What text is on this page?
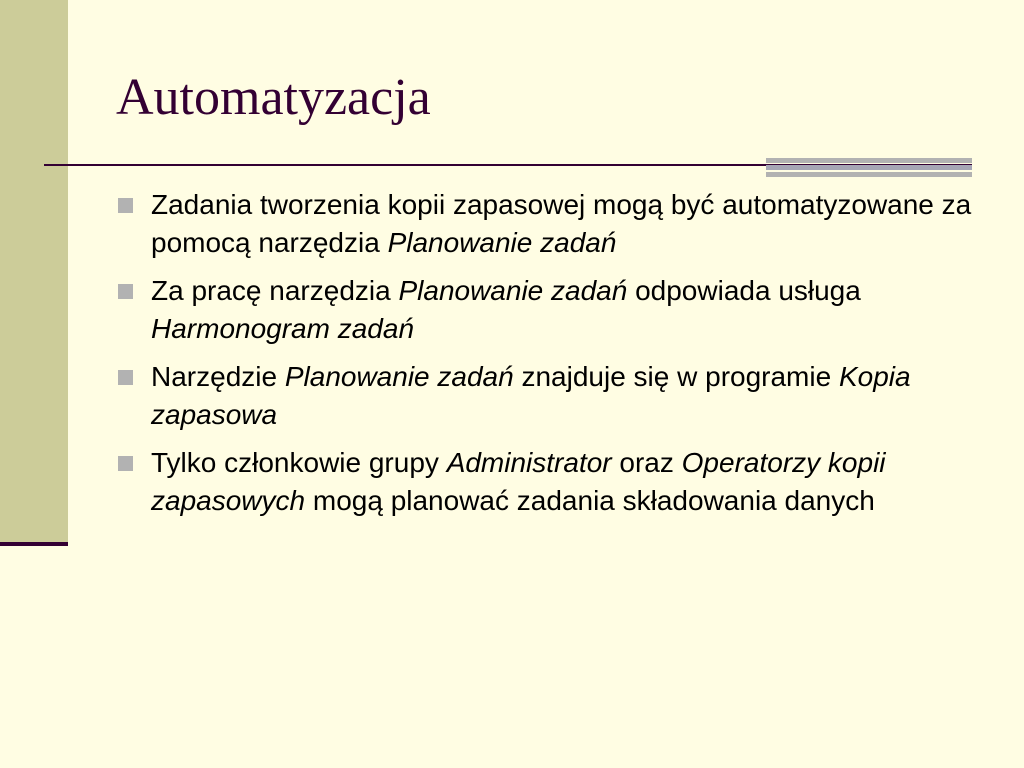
Automatyzacja
Zadania tworzenia kopii zapasowej mogą być automatyzowane za pomocą narzędzia Planowanie zadań
Za pracę narzędzia Planowanie zadań odpowiada usługa Harmonogram zadań
Narzędzie Planowanie zadań znajduje się w programie Kopia zapasowa
Tylko członkowie grupy Administrator oraz Operatorzy kopii zapasowych mogą planować zadania składowania danych
